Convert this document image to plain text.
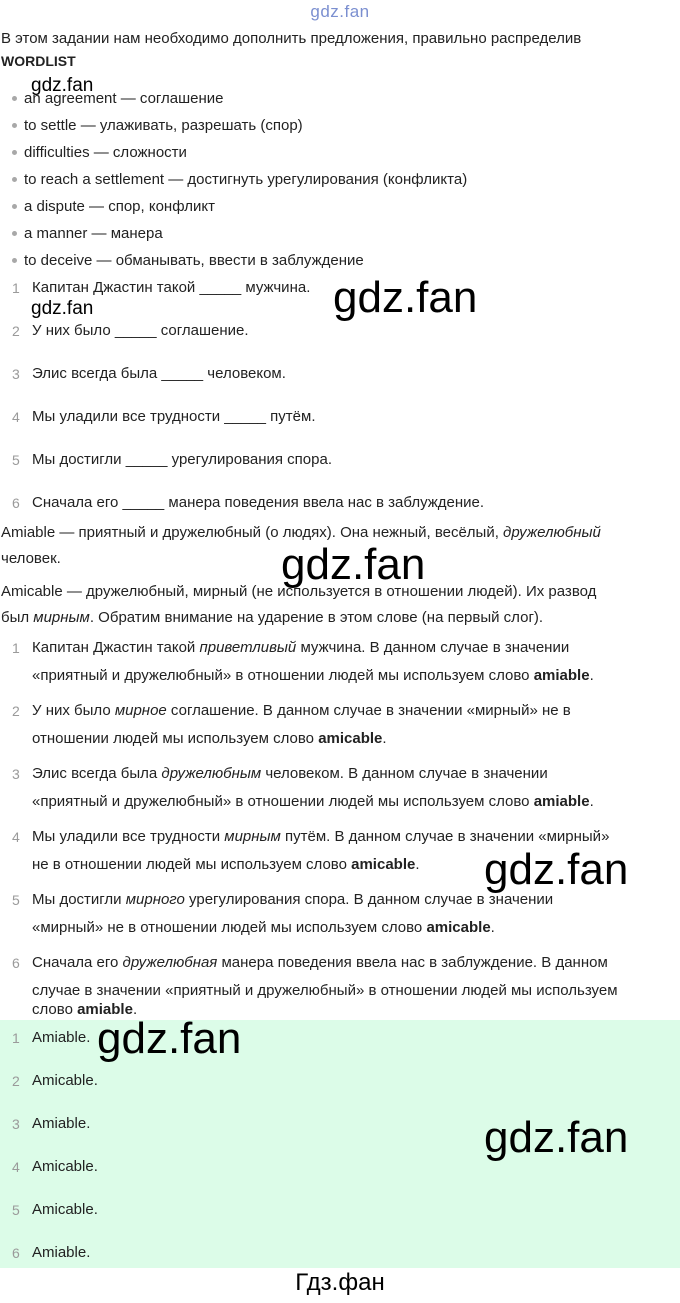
gdz.fan
В этом задании нам необходимо дополнить предложения, правильно распределив
WORDLIST
an agreement — соглашение
to settle — улаживать, разрешать (спор)
difficulties — сложности
to reach a settlement — достигнуть урегулирования (конфликта)
a dispute — спор, конфликт
a manner — манера
to deceive — обманывать, ввести в заблуждение
1 Капитан Джастин такой _____ мужчина.
2 У них было _____ соглашение.
3 Элис всегда была _____ человеком.
4 Мы уладили все трудности _____ путём.
5 Мы достигли _____ урегулирования спора.
6 Сначала его _____ манера поведения ввела нас в заблуждение.
Amiable — приятный и дружелюбный (о людях). Она нежный, весёлый, дружелюбный
человек.
Amicable — дружелюбный, мирный (не используется в отношении людей). Их развод
был мирным. Обратим внимание на ударение в этом слове (на первый слог).
1 Капитан Джастин такой приветливый мужчина. В данном случае в значении
«приятный и дружелюбный» в отношении людей мы используем слово amiable.
2 У них было мирное соглашение. В данном случае в значении «мирный» не в
отношении людей мы используем слово amicable.
3 Элис всегда была дружелюбным человеком. В данном случае в значении
«приятный и дружелюбный» в отношении людей мы используем слово amiable.
4 Мы уладили все трудности мирным путём. В данном случае в значении «мирный»
не в отношении людей мы используем слово amicable.
5 Мы достигли мирного урегулирования спора. В данном случае в значении
«мирный» не в отношении людей мы используем слово amicable.
6 Сначала его дружелюбная манера поведения ввела нас в заблуждение. В данном
случае в значении «приятный и дружелюбный» в отношении людей мы используем
слово amiable.
1 Amiable.
2 Amicable.
3 Amiable.
4 Amicable.
5 Amicable.
6 Amiable.
gdz.fan
gdz.fan	gdz.fan
gdz.fan
gdz.fan
gdz.fan
gdz.fan
Гдз.фан
